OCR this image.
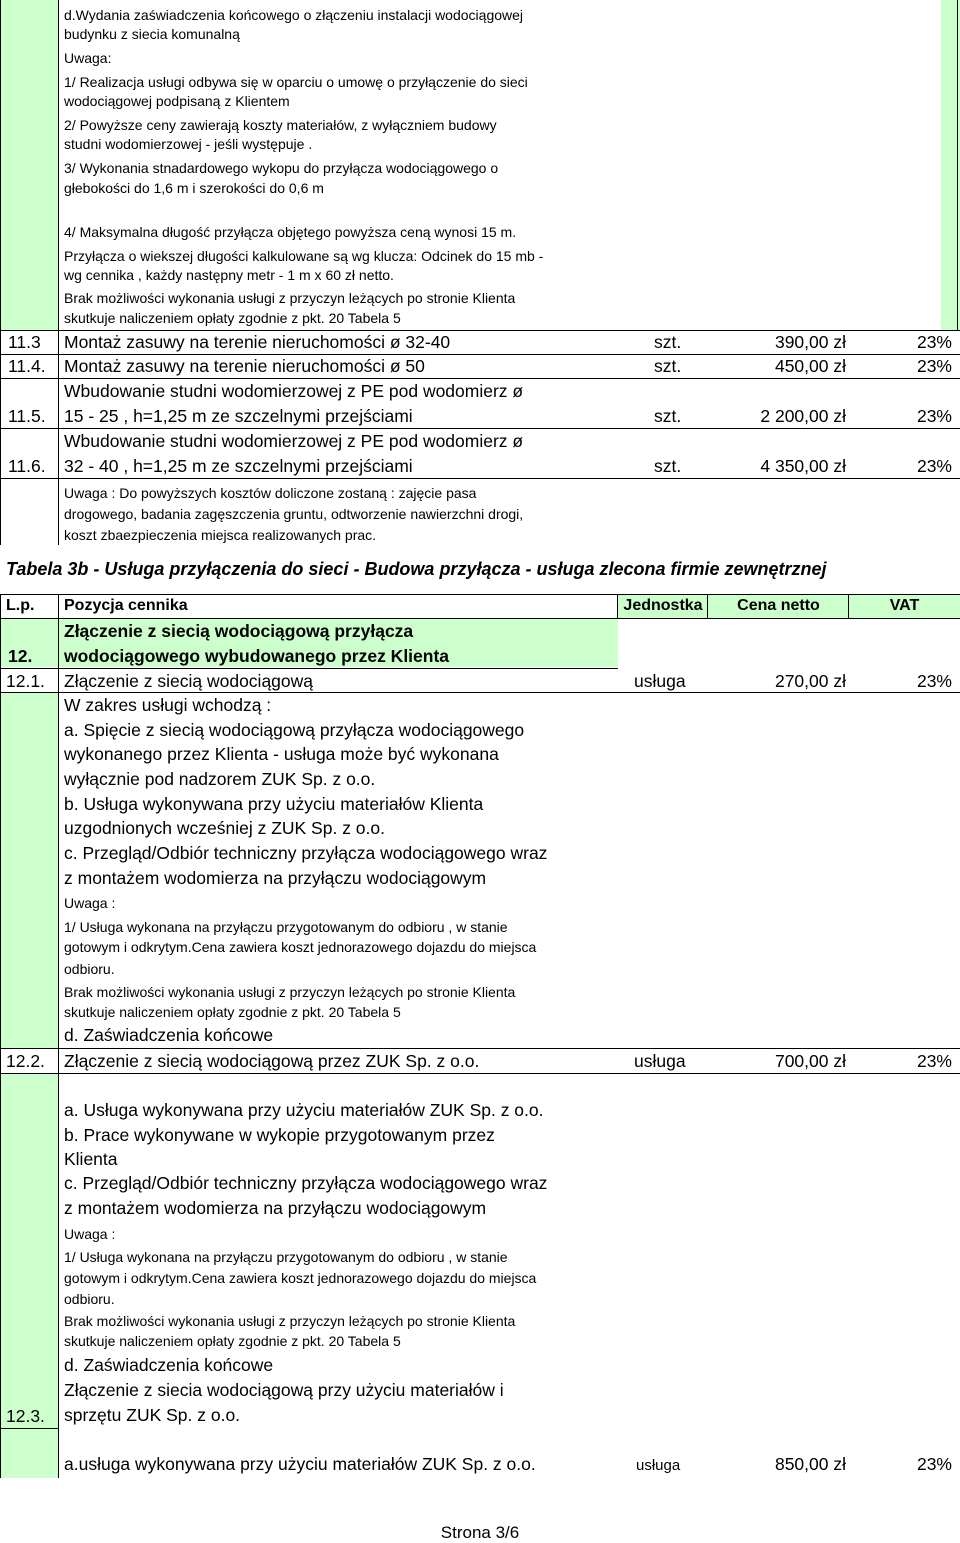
d.Wydania zaświadczenia końcowego o złączeniu instalacji wodociągowej
budynku z siecia komunalną
Uwaga:
1/ Realizacja usługi odbywa się w oparciu o umowę o przyłączenie do sieci
wodociągowej podpisaną z Klientem
2/ Powyższe ceny zawierają koszty materiałów, z wyłączniem budowy
studni wodomierzowej - jeśli występuje .
3/ Wykonania stnadardowego wykopu do przyłącza wodociągowego o
głebokości do 1,6 m i szerokości do 0,6 m
4/ Maksymalna długość przyłącza objętego powyższa ceną wynosi 15 m.
Przyłącza o wiekszej długości kalkulowane są wg klucza: Odcinek do 15 mb -
wg cennika , każdy następny metr - 1 m x 60 zł netto.
Brak możliwości wykonania usługi z przyczyn leżących po stronie Klienta
skutkuje naliczeniem opłaty zgodnie z pkt. 20 Tabela 5
11.3 Montaż zasuwy na terenie nieruchomości ø 32-40	szt.	390,00 zł	23%
11.4. Montaż zasuwy na terenie nieruchomości ø 50	szt.	450,00 zł	23%
11.5.
Wbudowanie studni wodomierzowej z PE pod wodomierz ø
15 - 25 , h=1,25 m ze szczelnymi przejściami	szt.	2 200,00 zł	23%
11.6.
Wbudowanie studni wodomierzowej z PE pod wodomierz ø
32 - 40 , h=1,25 m ze szczelnymi przejściami	szt.	4 350,00 zł	23%
Uwaga : Do powyższych kosztów doliczone zostaną : zajęcie pasa
drogowego, badania zagęszczenia gruntu, odtworzenie nawierzchni drogi,
koszt zbaezpieczenia miejsca realizowanych prac.
Tabela 3b - Usługa przyłączenia do sieci - Budowa przyłącza - usługa zlecona firmie zewnętrznej
L.p. Pozycja cennika	Jednostka	Cena netto	VAT
12.
Złączenie z siecią wodociągową przyłącza
wodociągowego wybudowanego przez Klienta
12.1. Złączenie z siecią wodociągową	usługa	270,00 zł	23%
W zakres usługi wchodzą :
a. Spięcie z siecią wodociągową przyłącza wodociągowego
wykonanego przez Klienta - usługa może być wykonana
wyłącznie pod nadzorem ZUK Sp. z o.o.
b. Usługa wykonywana przy użyciu materiałów Klienta
uzgodnionych wcześniej z ZUK Sp. z o.o.
c. Przegląd/Odbiór techniczny przyłącza wodociągowego wraz
z montażem wodomierza na przyłączu wodociągowym
Uwaga :
1/ Usługa wykonana na przyłączu przygotowanym do odbioru , w stanie
gotowym i odkrytym.Cena zawiera koszt jednorazowego dojazdu do miejsca
odbioru.
Brak możliwości wykonania usługi z przyczyn leżących po stronie Klienta
skutkuje naliczeniem opłaty zgodnie z pkt. 20 Tabela 5
d. Zaświadczenia końcowe
12.2. Złączenie z siecią wodociągową przez ZUK Sp. z o.o.	usługa	700,00 zł	23%
a. Usługa wykonywana przy użyciu materiałów ZUK Sp. z o.o.
b. Prace wykonywane w wykopie przygotowanym przez
Klienta
c. Przegląd/Odbiór techniczny przyłącza wodociągowego wraz
z montażem wodomierza na przyłączu wodociągowym
Uwaga :
1/ Usługa wykonana na przyłączu przygotowanym do odbioru , w stanie
gotowym i odkrytym.Cena zawiera koszt jednorazowego dojazdu do miejsca
odbioru.
Brak możliwości wykonania usługi z przyczyn leżących po stronie Klienta
skutkuje naliczeniem opłaty zgodnie z pkt. 20 Tabela 5
d. Zaświadczenia końcowe
12.3.
Złączenie z siecia wodociągową przy użyciu materiałów i
sprzętu ZUK Sp. z o.o.
a.usługa wykonywana przy użyciu materiałów ZUK Sp. z o.o.	usługa	850,00 zł	23%
Strona 3/6
